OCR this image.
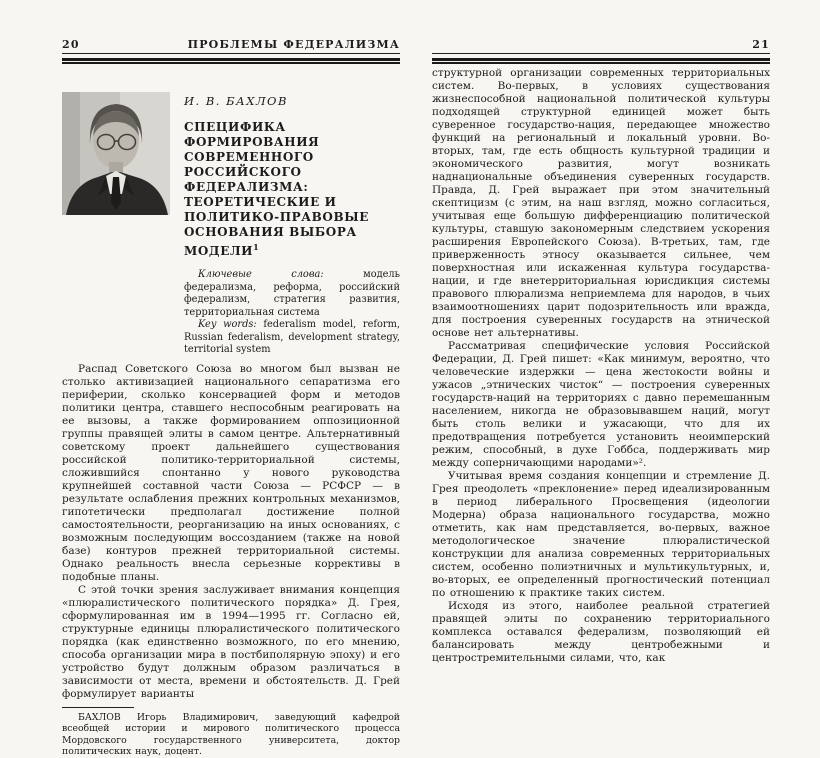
20	ПРОБЛЕМЫ ФЕДЕРАЛИЗМА
И. В. БАХЛОВ
СПЕЦИФИКА ФОРМИРОВАНИЯ СОВРЕМЕННОГО РОССИЙСКОГО ФЕДЕРАЛИЗМА: ТЕОРЕТИЧЕСКИЕ И ПОЛИТИКО-ПРАВОВЫЕ ОСНОВАНИЯ ВЫБОРА МОДЕЛИ$^1$

Ключевые слова: модель федерализма, реформа, российский федерализм, стратегия развития, территориальная система

Key words: federalism model, reform, Russian federalism, development strategy, territorial system

Распад Советского Союза во многом был вызван не столько активизацией национального сепаратизма его периферии, сколько консервацией форм и методов политики центра, ставшего неспособным реагировать на ее вызовы, а также формированием оппозиционной группы правящей элиты в самом центре. Альтернативный советскому проект дальнейшего существования российской политико-территориальной системы, сложившийся спонтанно у нового руководства крупнейшей составной части Союза — РСФСР — в результате ослабления прежних контрольных механизмов, гипотетически предполагал достижение полной самостоятельности, реорганизацию на иных основаниях, с возможным последующим воссозданием (также на новой базе) контуров прежней территориальной системы. Однако реальность внесла серьезные коррективы в подобные планы.

С этой точки зрения заслуживает внимания концепция «плюралистического политического порядка» Д. Грея, сформулированная им в 1994—1995 гг. Согласно ей, структурные единицы плюралистического политического порядка (как единственно возможного, по его мнению, способа организации мира в постбиполярную эпоху) и его устройство будут должным образом различаться в зависимости от места, времени и обстоятельств. Д. Грей формулирует варианты

БАХЛОВ Игорь Владимирович, заведующий кафедрой всеобщей истории и мирового политического процесса Мордовского государственного университета, доктор политических наук, доцент.

21

структурной организации современных территориальных систем. Во-первых, в условиях существования жизнеспособной национальной политической культуры подходящей структурной единицей может быть суверенное государство-нация, передающее множество функций на региональный и локальный уровни. Во-вторых, там, где есть общность культурной традиции и экономического развития, могут возникать наднациональные объединения суверенных государств. Правда, Д. Грей выражает при этом значительный скептицизм (с этим, на наш взгляд, можно согласиться, учитывая еще большую дифференциацию политической культуры, ставшую закономерным следствием ускорения расширения Европейского Союза). В-третьих, там, где приверженность этносу оказывается сильнее, чем поверхностная или искаженная культура государства-нации, и где внетерриториальная юрисдикция системы правового плюрализма неприемлема для народов, в чьих взаимоотношениях царит подозрительность или вражда, для построения суверенных государств на этнической основе нет альтернативы.

Рассматривая специфические условия Российской Федерации, Д. Грей пишет: «Как минимум, вероятно, что человеческие издержки — цена жестокости войны и ужасов „этнических чисток“ — построения суверенных государств-наций на территориях с давно перемешанным населением, никогда не образовывавшем наций, могут быть столь велики и ужасающи, что для их предотвращения потребуется установить неоимперский режим, способный, в духе Гоббса, поддерживать мир между соперничающими народами»².

Учитывая время создания концепции и стремление Д. Грея преодолеть «преклонение» перед идеализированным в период либерального Просвещения (идеологии Модерна) образа национального государства, можно отметить, как нам представляется, во-первых, важное методологическое значение плюралистической конструкции для анализа современных территориальных систем, особенно полиэтничных и мультикультурных, и, во-вторых, ее определенный прогностический потенциал по отношению к практике таких систем.

Исходя из этого, наиболее реальной стратегией правящей элиты по сохранению территориального комплекса оставался федерализм, позволяющий ей балансировать между центробежными и центростремительными силами, что, как
